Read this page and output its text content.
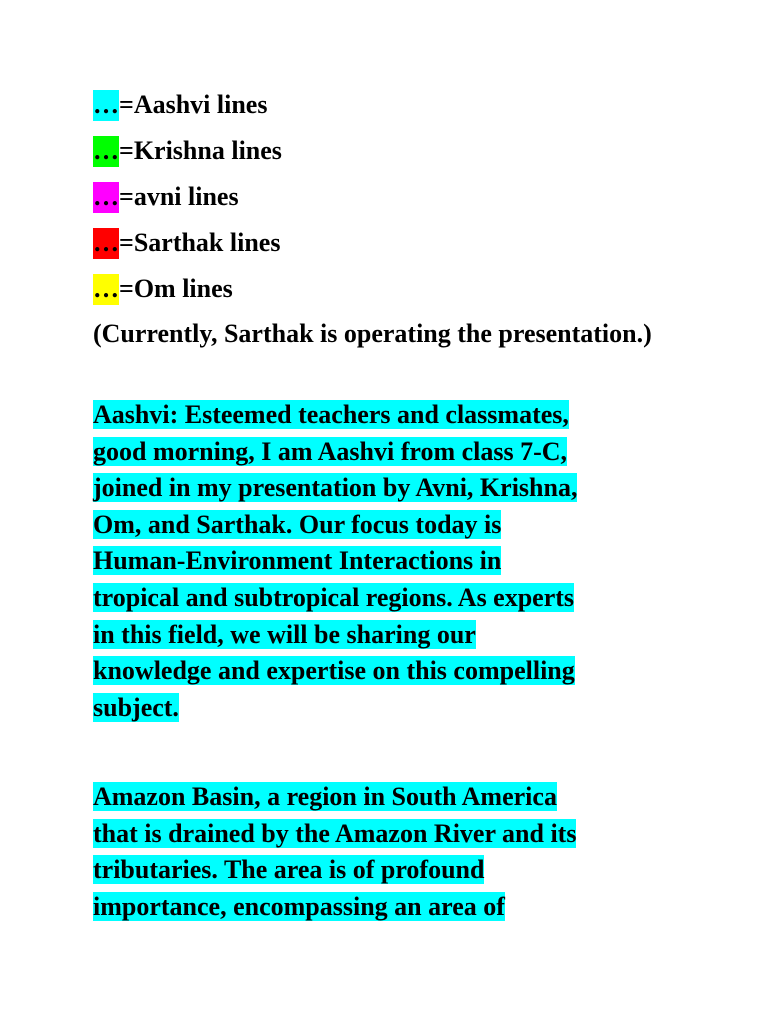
…=Aashvi lines
…=Krishna lines
…=avni lines
…=Sarthak lines
…=Om lines
(Currently, Sarthak is operating the presentation.)
Aashvi: Esteemed teachers and classmates,
good morning, I am Aashvi from class 7-C,
joined in my presentation by Avni, Krishna,
Om, and Sarthak. Our focus today is
Human-Environment Interactions in
tropical and subtropical regions. As experts
in this field, we will be sharing our
knowledge and expertise on this compelling
subject.
Amazon Basin, a region in South America
that is drained by the Amazon River and its
tributaries. The area is of profound
importance, encompassing an area of
